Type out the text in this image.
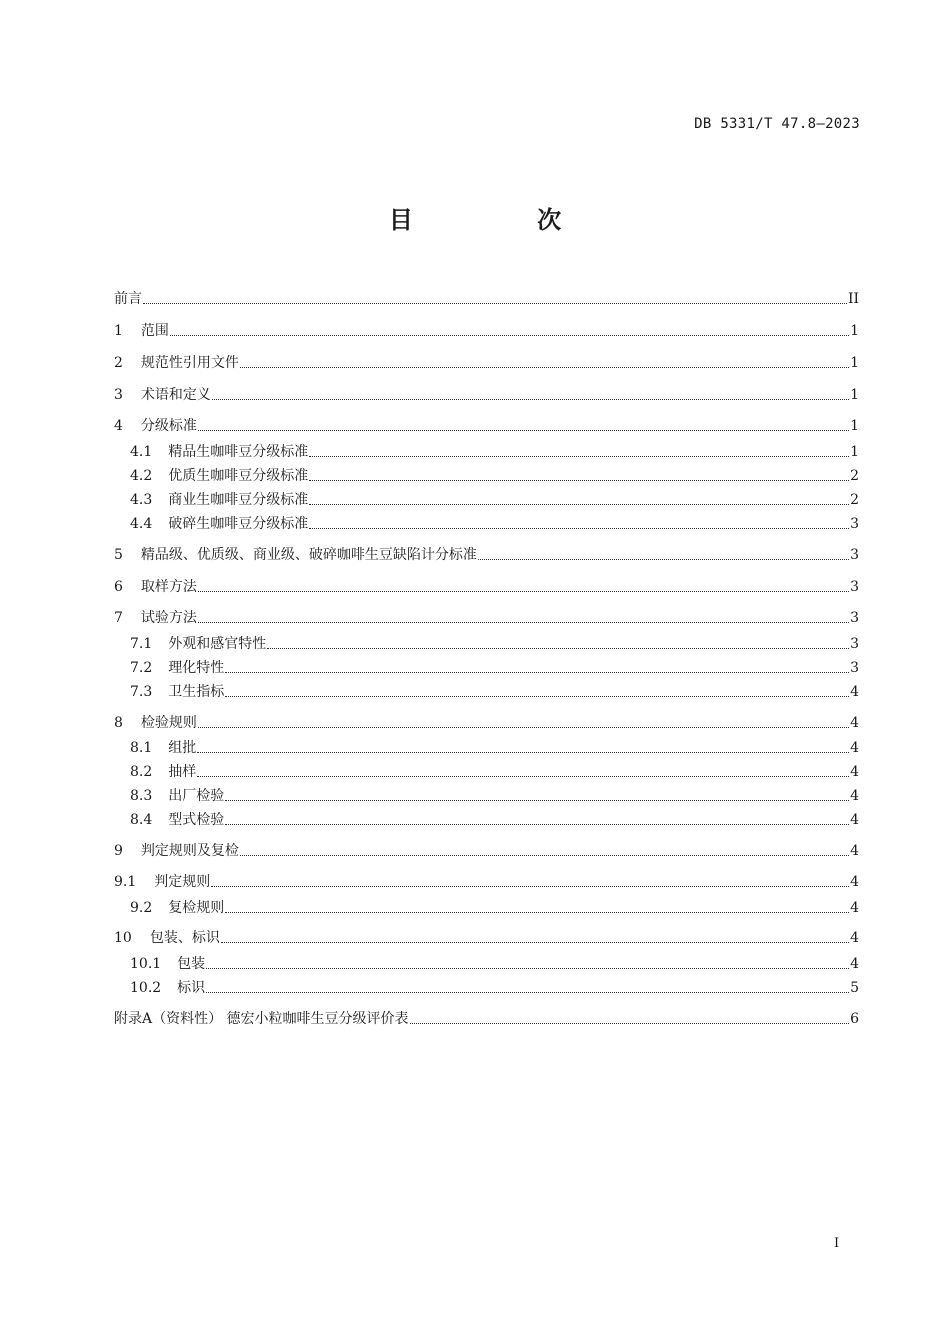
DB 5331/T 47.8—2023
目 次
前言	II
1 范围	1
2 规范性引用文件	1
3 术语和定义	1
4 分级标准	1
4.1 精品生咖啡豆分级标准	1
4.2 优质生咖啡豆分级标准	2
4.3 商业生咖啡豆分级标准	2
4.4 破碎生咖啡豆分级标准	3
5 精品级、优质级、商业级、破碎咖啡生豆缺陷计分标准	3
6 取样方法	3
7 试验方法	3
7.1 外观和感官特性	3
7.2 理化特性	3
7.3 卫生指标	4
8 检验规则	4
8.1 组批	4
8.2 抽样	4
8.3 出厂检验	4
8.4 型式检验	4
9 判定规则及复检	4
9.1 判定规则	4
9.2 复检规则	4
10 包装、标识	4
10.1 包装	4
10.2 标识	5
附录A（资料性） 德宏小粒咖啡生豆分级评价表	6
I
